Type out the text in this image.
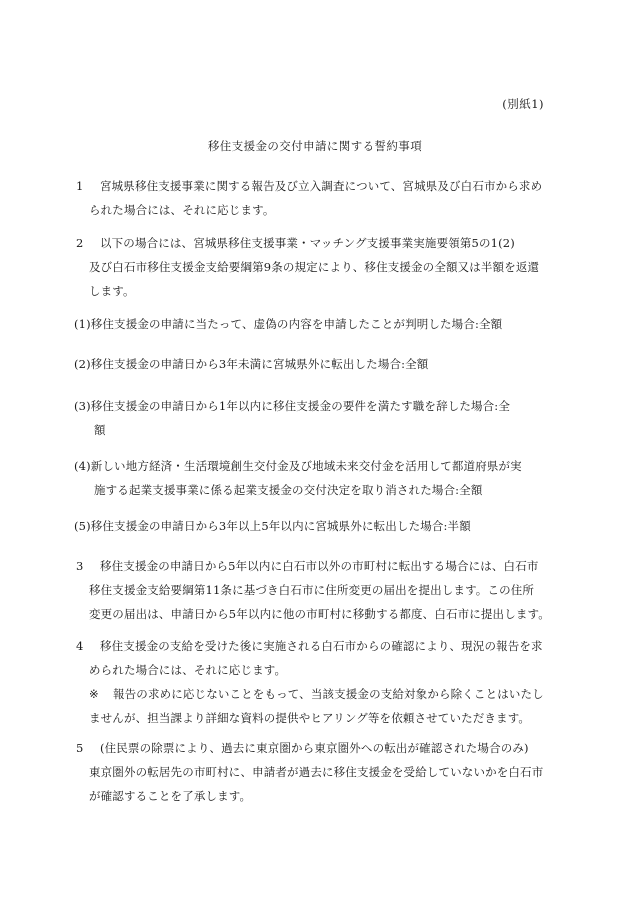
(別紙1)
移住支援金の交付申請に関する誓約事項
1 宮城県移住支援事業に関する報告及び立入調査について、宮城県及び白石市から求め
られた場合には、それに応じます。
2 以下の場合には、宮城県移住支援事業・マッチング支援事業実施要領第5の1(2)
及び白石市移住支援金支給要綱第9条の規定により、移住支援金の全額又は半額を返還
します。
(1)移住支援金の申請に当たって、虚偽の内容を申請したことが判明した場合:全額
(2)移住支援金の申請日から3年未満に宮城県外に転出した場合:全額
(3)移住支援金の申請日から1年以内に移住支援金の要件を満たす職を辞した場合:全
額
(4)新しい地方経済・生活環境創生交付金及び地域未来交付金を活用して都道府県が実
施する起業支援事業に係る起業支援金の交付決定を取り消された場合:全額
(5)移住支援金の申請日から3年以上5年以内に宮城県外に転出した場合:半額
3 移住支援金の申請日から5年以内に白石市以外の市町村に転出する場合には、白石市
移住支援金支給要綱第11条に基づき白石市に住所変更の届出を提出します。この住所
変更の届出は、申請日から5年以内に他の市町村に移動する都度、白石市に提出します。
4 移住支援金の支給を受けた後に実施される白石市からの確認により、現況の報告を求
められた場合には、それに応じます。
※ 報告の求めに応じないことをもって、当該支援金の支給対象から除くことはいたし
ませんが、担当課より詳細な資料の提供やヒアリング等を依頼させていただきます。
5 (住民票の除票により、過去に東京圏から東京圏外への転出が確認された場合のみ)
東京圏外の転居先の市町村に、申請者が過去に移住支援金を受給していないかを白石市
が確認することを了承します。
